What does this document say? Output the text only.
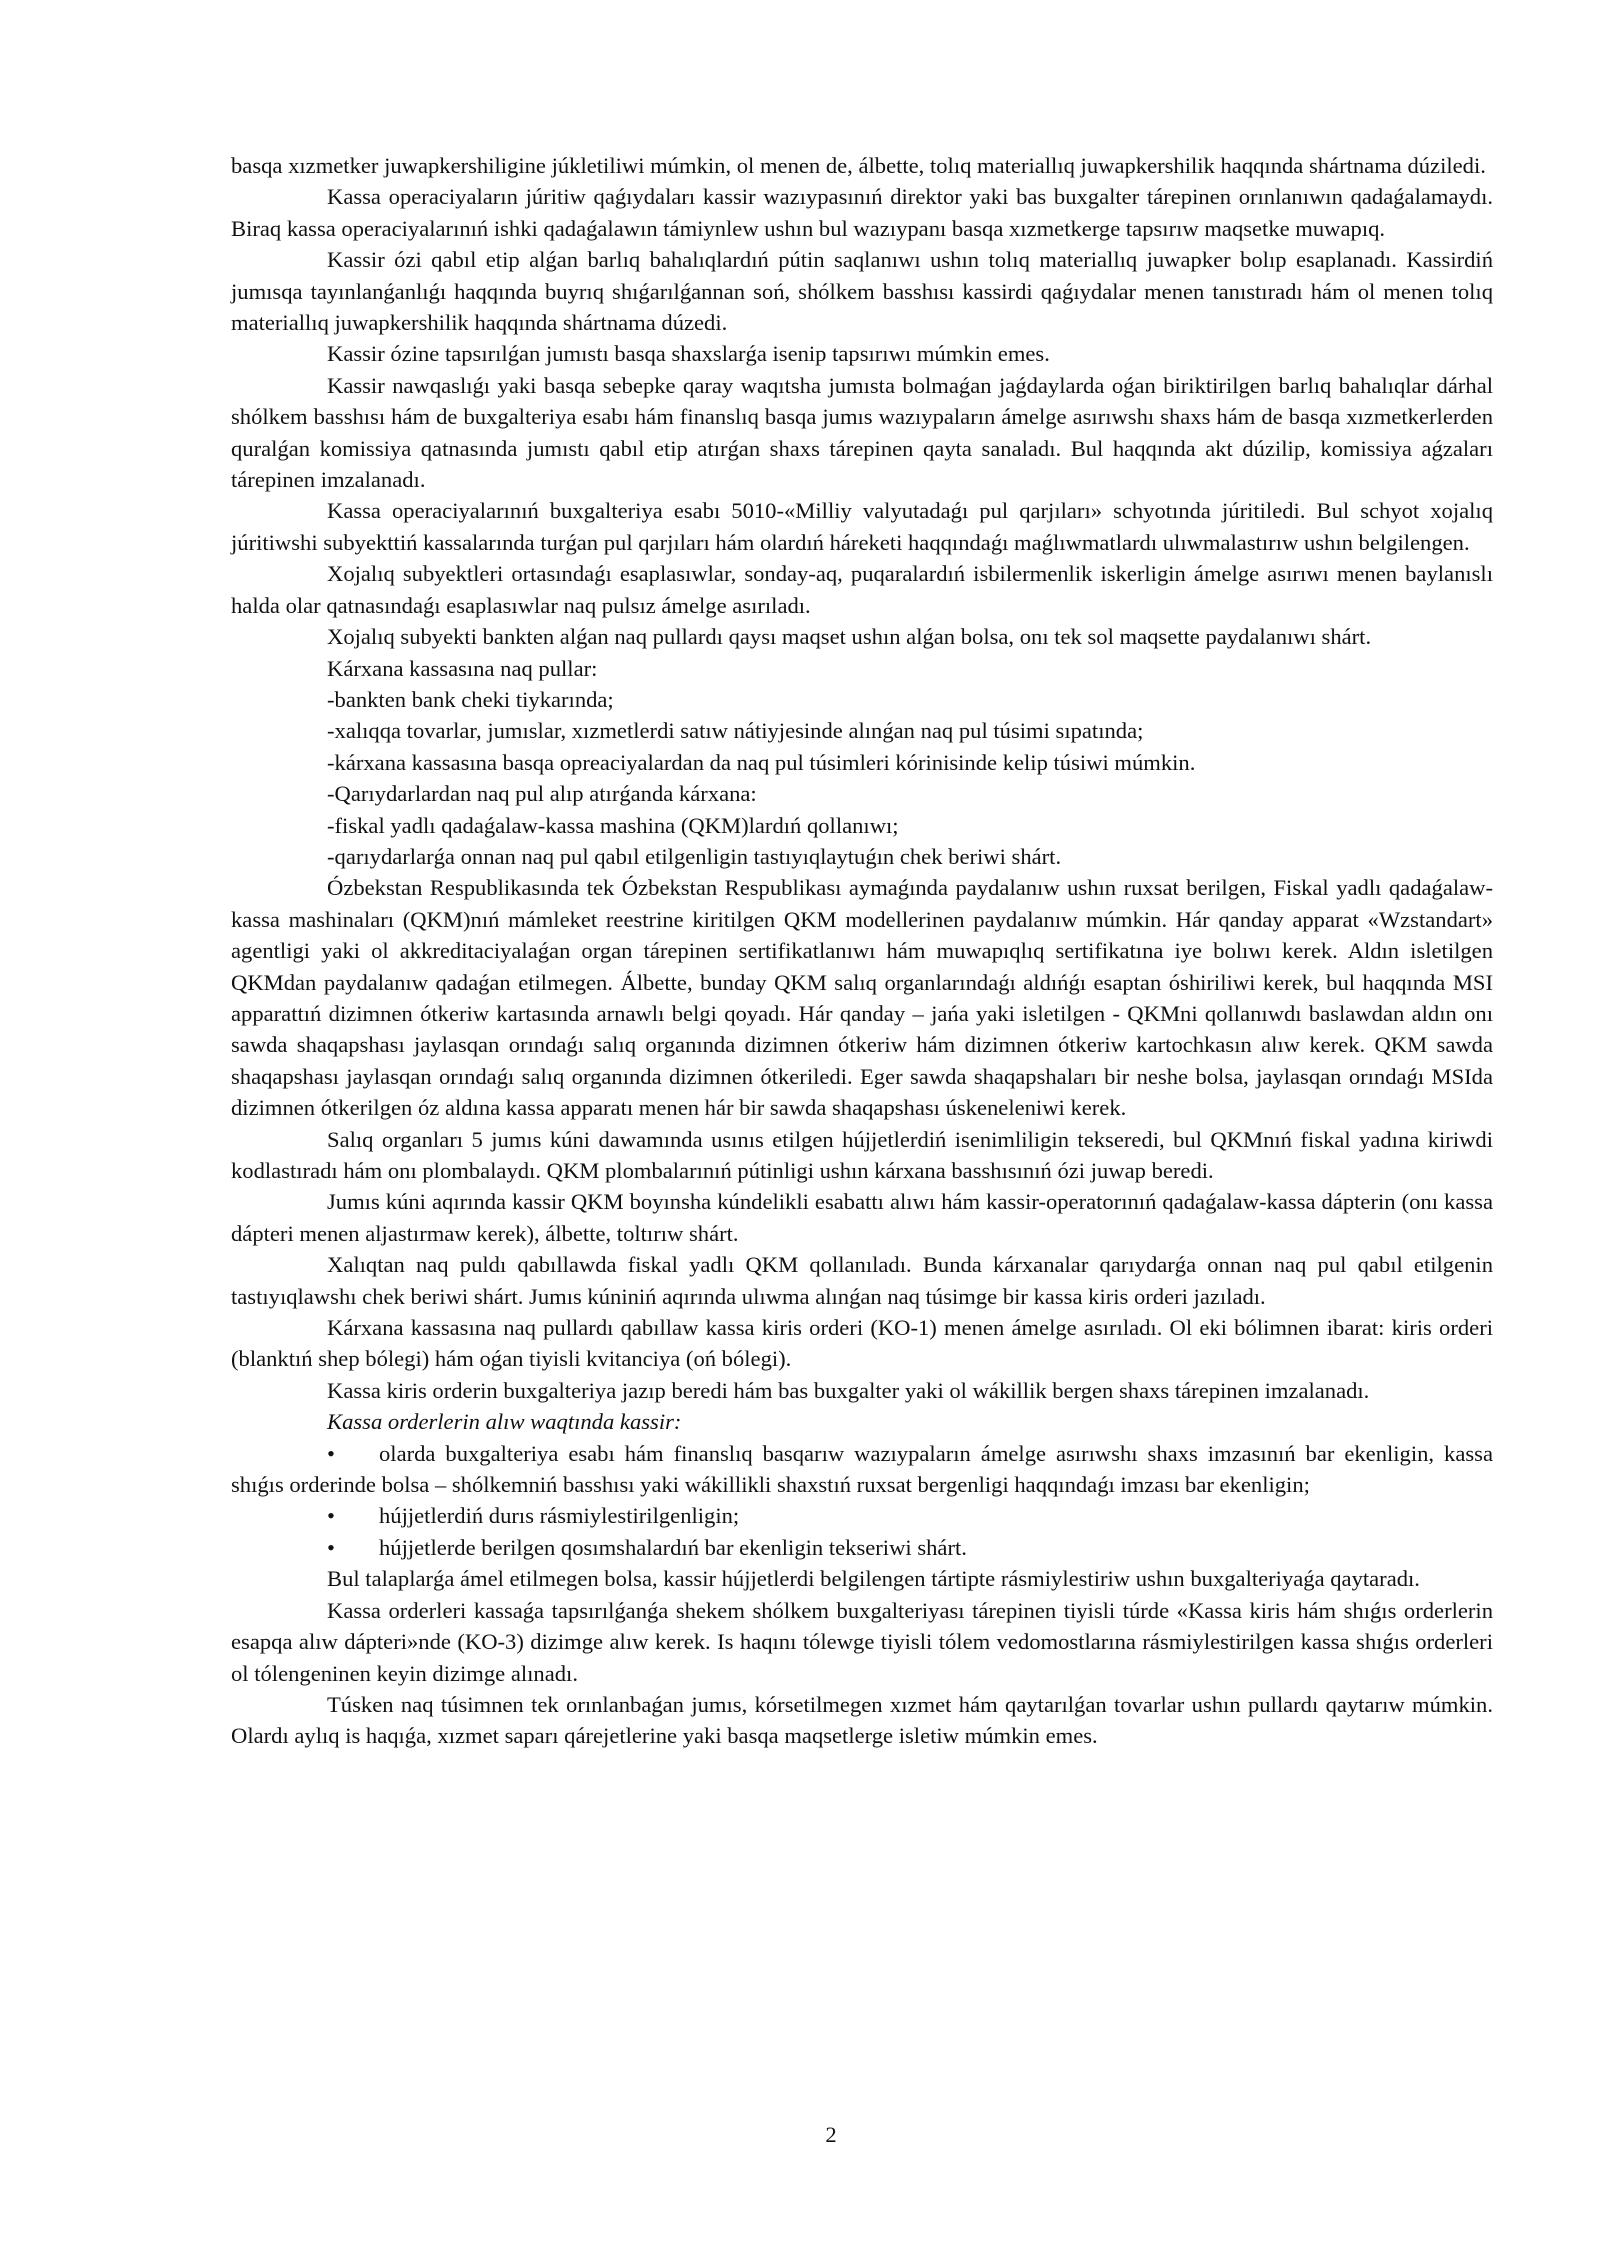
basqa xızmetker juwapkershiligine júkletiliwi múmkin, ol menen de, álbette, tolıq materiallıq juwapkershilik haqqında shártnama dúziledi.

Kassa operaciyaların júritiw qaǵıydaları kassir wazıypasınıń direktor yaki bas buxgalter tárepinen orınlanıwın qadaǵalamaydı. Biraq kassa operaciyalarınıń ishki qadaǵalawın támiynlew ushın bul wazıypanı basqa xızmetkerge tapsırıw maqsetke muwapıq.

Kassir ózi qabıl etip alǵan barlıq bahalıqlardıń pútin saqlanıwı ushın tolıq materiallıq juwapker bolıp esaplanadı. Kassirdiń jumısqa tayınlanǵanlıǵı haqqında buyrıq shıǵarılǵannan soń, shólkem basshısı kassirdi qaǵıydalar menen tanıstıradı hám ol menen tolıq materiallıq juwapkershilik haqqında shártnama dúzedi.

Kassir ózine tapsırılǵan jumıstı basqa shaxslarǵa isenip tapsırıwı múmkin emes.

Kassir nawqaslıǵı yaki basqa sebepke qaray waqıtsha jumısta bolmaǵan jaǵdaylarda oǵan biriktirilgen barlıq bahalıqlar dárhal shólkem basshısı hám de buxgalteriya esabı hám finanslıq basqa jumıs wazıypaların ámelge asırıwshı shaxs hám de basqa xızmetkerlerden quralǵan komissiya qatnasında jumıstı qabıl etip atırǵan shaxs tárepinen qayta sanaladı. Bul haqqında akt dúzilip, komissiya aǵzaları tárepinen imzalanadı.

Kassa operaciyalarınıń buxgalteriya esabı 5010-«Milliy valyutadaǵı pul qarjıları» schyotında júritiledi. Bul schyot xojalıq júritiwshi subyekttiń kassalarında turǵan pul qarjıları hám olardıń háreketi haqqındaǵı maǵlıwmatlardı ulıwmalastırıw ushın belgilengen.

Xojalıq subyektleri ortasındaǵı esaplasıwlar, sonday-aq, puqaralardıń isbilermenlik iskerligin ámelge asırıwı menen baylanıslı halda olar qatnasındaǵı esaplasıwlar naq pulsız ámelge asırıladı.

Xojalıq subyekti bankten alǵan naq pullardı qaysı maqset ushın alǵan bolsa, onı tek sol maqsette paydalanıwı shárt.

Kárxana kassasına naq pullar:

-bankten bank cheki tiykarında;

-xalıqqa tovarlar, jumıslar, xızmetlerdi satıw nátiyjesinde alınǵan naq pul túsimi sıpatında;

-kárxana kassasına basqa opreaciyalardan da naq pul túsimleri kórinisinde kelip túsiwi múmkin.

-Qarıydarlardan naq pul alıp atırǵanda kárxana:

-fiskal yadlı qadaǵalaw-kassa mashina (QKM)lardıń qollanıwı;

-qarıydarlarǵa onnan naq pul qabıl etilgenligin tastıyıqlaytuǵın chek beriwi shárt.

Ózbekstan Respublikasında tek Ózbekstan Respublikası aymaǵında paydalanıw ushın ruxsat berilgen, Fiskal yadlı qadaǵalaw-kassa mashinaları (QKM)nıń mámleket reestrine kiritilgen QKM modellerinen paydalanıw múmkin. Hár qanday apparat «Wzstandart» agentligi yaki ol akkreditaciyalaǵan organ tárepinen sertifikatlanıwı hám muwapıqlıq sertifikatına iye bolıwı kerek. Aldın isletilgen QKMdan paydalanıw qadaǵan etilmegen. Álbette, bunday QKM salıq organlarındaǵı aldıńǵı esaptan óshiriliwi kerek, bul haqqında MSI apparattıń dizimnen ótkeriw kartasında arnawlı belgi qoyadı. Hár qanday – jańa yaki isletilgen - QKMni qollanıwdı baslawdan aldın onı sawda shaqapshası jaylasqan orındaǵı salıq organında dizimnen ótkeriw hám dizimnen ótkeriw kartochkasın alıw kerek. QKM sawda shaqapshası jaylasqan orındaǵı salıq organında dizimnen ótkeriledi. Eger sawda shaqapshaları bir neshe bolsa, jaylasqan orındaǵı MSIda dizimnen ótkerilgen óz aldına kassa apparatı menen hár bir sawda shaqapshası úskeneleniwi kerek.

Salıq organları 5 jumıs kúni dawamında usınıs etilgen hújjetlerdiń isenimliligin tekseredi, bul QKMnıń fiskal yadına kiriwdi kodlastıradı hám onı plombalaydı. QKM plombalarınıń pútinligi ushın kárxana basshısınıń ózi juwap beredi.

Jumıs kúni aqırında kassir QKM boyınsha kúndelikli esabattı alıwı hám kassir-operatorınıń qadaǵalaw-kassa dápterin (onı kassa dápteri menen aljastırmaw kerek), álbette, toltırıw shárt.

Xalıqtan naq puldı qabıllawda fiskal yadlı QKM qollanıladı. Bunda kárxanalar qarıydarǵa onnan naq pul qabıl etilgenin tastıyıqlawshı chek beriwi shárt. Jumıs kúniniń aqırında ulıwma alınǵan naq túsimge bir kassa kiris orderi jazıladı.

Kárxana kassasına naq pullardı qabıllaw kassa kiris orderi (KO-1) menen ámelge asırıladı. Ol eki bólimnen ibarat: kiris orderi (blanktıń shep bólegi) hám oǵan tiyisli kvitanciya (oń bólegi).

Kassa kiris orderin buxgalteriya jazıp beredi hám bas buxgalter yaki ol wákillik bergen shaxs tárepinen imzalanadı.

Kassa orderlerin alıw waqtında kassir:

• olarda buxgalteriya esabı hám finanslıq basqarıw wazıypaların ámelge asırıwshı shaxs imzasınıń bar ekenligin, kassa shıǵıs orderinde bolsa – shólkemniń basshısı yaki wákillikli shaxstıń ruxsat bergenligi haqqındaǵı imzası bar ekenligin;

• hújjetlerdiń durıs rásmiylestirilgenligin;

• hújjetlerde berilgen qosımshalardıń bar ekenligin tekseriwi shárt.

Bul talaplarǵa ámel etilmegen bolsa, kassir hújjetlerdi belgilengen tártipte rásmiylestiriw ushın buxgalteriyaǵa qaytaradı.

Kassa orderleri kassaǵa tapsırılǵanǵa shekem shólkem buxgalteriyası tárepinen tiyisli túrde «Kassa kiris hám shıǵıs orderlerin esapqa alıw dápteri»nde (KO-3) dizimge alıw kerek. Is haqını tólewge tiyisli tólem vedomostlarına rásmiylestirilgen kassa shıǵıs orderleri ol tólengeninen keyin dizimge alınadı.

Túsken naq túsimnen tek orınlanbaǵan jumıs, kórsetilmegen xızmet hám qaytarılǵan tovarlar ushın pullardı qaytarıw múmkin. Olardı aylıq is haqıǵa, xızmet saparı qárejetlerine yaki basqa maqsetlerge isletiw múmkin emes.

2
